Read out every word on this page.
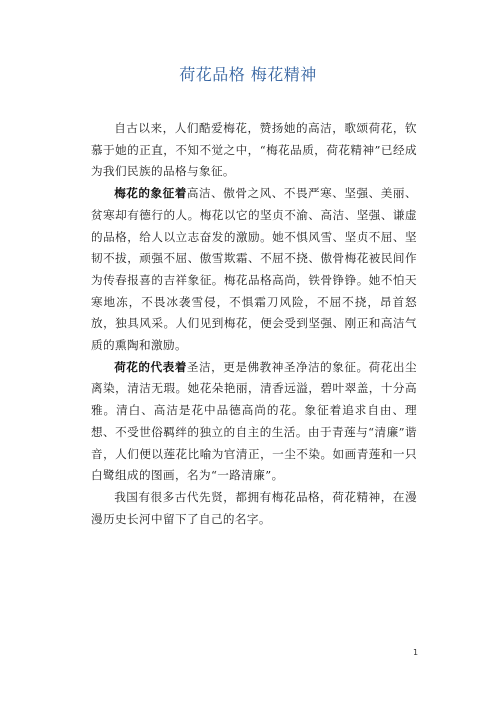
荷花品格 梅花精神

自古以来，人们酷爱梅花，赞扬她的高洁，歌颂荷花，钦慕于她的正直，不知不觉之中，“梅花品质，荷花精神”已经成为我们民族的品格与象征。

梅花的象征着高洁、傲骨之风、不畏严寒、坚强、美丽、贫寒却有德行的人。梅花以它的坚贞不渝、高洁、坚强、谦虚的品格，给人以立志奋发的激励。她不惧风雪、坚贞不屈、坚韧不拔，顽强不屈、傲雪欺霜、不屈不挠、傲骨梅花被民间作为传春报喜的吉祥象征。梅花品格高尚，铁骨铮铮。她不怕天寒地冻，不畏冰袭雪侵，不惧霜刀风险，不屈不挠，昂首怒放，独具风采。人们见到梅花，便会受到坚强、刚正和高洁气质的熏陶和激励。

荷花的代表着圣洁，更是佛教神圣净洁的象征。荷花出尘离染，清洁无瑕。她花朵艳丽，清香远溢，碧叶翠盖，十分高雅。清白、高洁是花中品德高尚的花。象征着追求自由、理想、不受世俗羁绊的独立的自主的生活。由于青莲与“清廉”谐音，人们便以莲花比喻为官清正，一尘不染。如画青莲和一只白鹭组成的图画，名为“一路清廉”。

我国有很多古代先贤，都拥有梅花品格，荷花精神，在漫漫历史长河中留下了自己的名字。

1
